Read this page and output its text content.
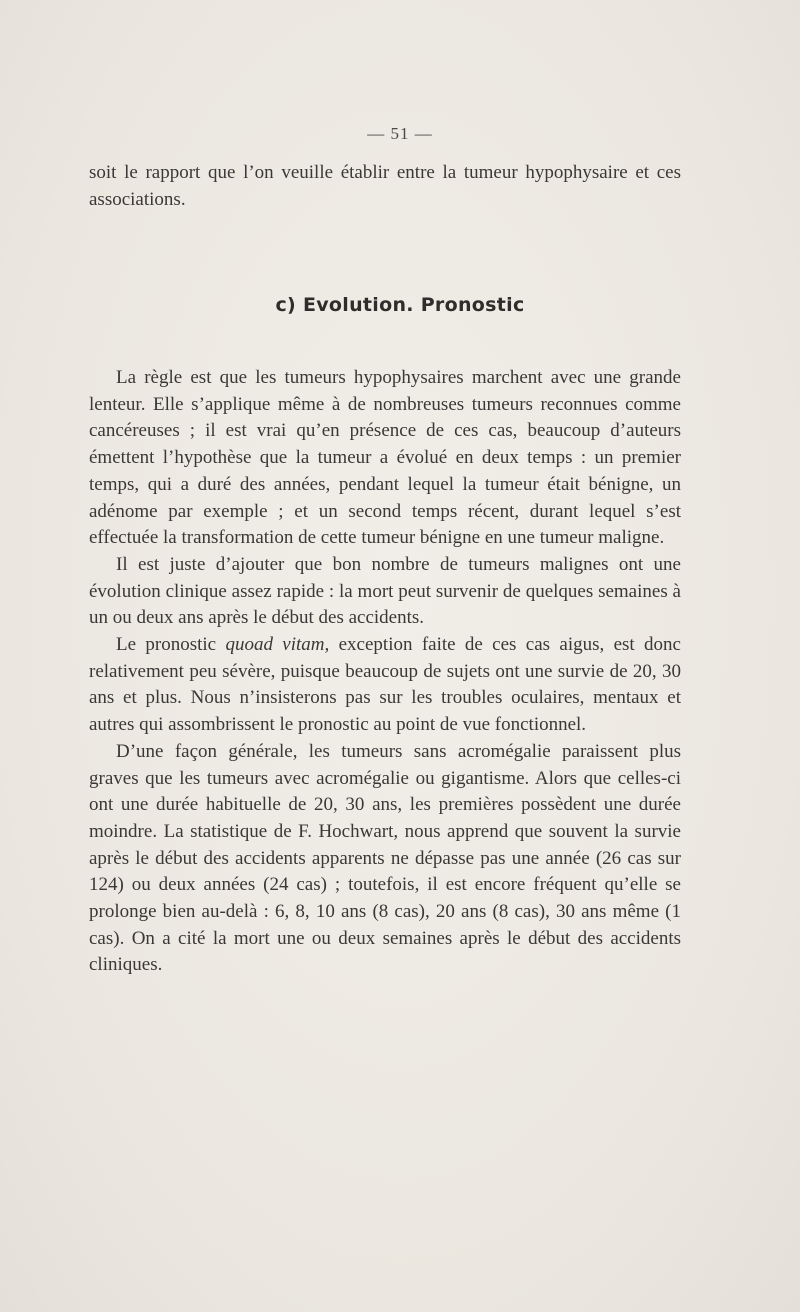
— 51 —

soit le rapport que l’on veuille établir entre la tumeur hypophysaire et ces associations.

c) Evolution. Pronostic

La règle est que les tumeurs hypophysaires marchent avec une grande lenteur. Elle s’applique même à de nombreuses tumeurs reconnues comme cancéreuses ; il est vrai qu’en présence de ces cas, beaucoup d’auteurs émettent l’hypothèse que la tumeur a évolué en deux temps : un premier temps, qui a duré des années, pendant lequel la tumeur était bénigne, un adénome par exemple ; et un second temps récent, durant lequel s’est effectuée la transformation de cette tumeur bénigne en une tumeur maligne.

Il est juste d’ajouter que bon nombre de tumeurs malignes ont une évolution clinique assez rapide : la mort peut survenir de quelques semaines à un ou deux ans après le début des accidents.

Le pronostic quoad vitam, exception faite de ces cas aigus, est donc relativement peu sévère, puisque beaucoup de sujets ont une survie de 20, 30 ans et plus. Nous n’insisterons pas sur les troubles oculaires, mentaux et autres qui assombrissent le pronostic au point de vue fonctionnel.

D’une façon générale, les tumeurs sans acromégalie paraissent plus graves que les tumeurs avec acromégalie ou gigantisme. Alors que celles-ci ont une durée habituelle de 20, 30 ans, les premières possèdent une durée moindre. La statistique de F. Hochwart, nous apprend que souvent la survie après le début des accidents apparents ne dépasse pas une année (26 cas sur 124) ou deux années (24 cas) ; toutefois, il est encore fréquent qu’elle se prolonge bien au-delà : 6, 8, 10 ans (8 cas), 20 ans (8 cas), 30 ans même (1 cas). On a cité la mort une ou deux semaines après le début des accidents cliniques.
